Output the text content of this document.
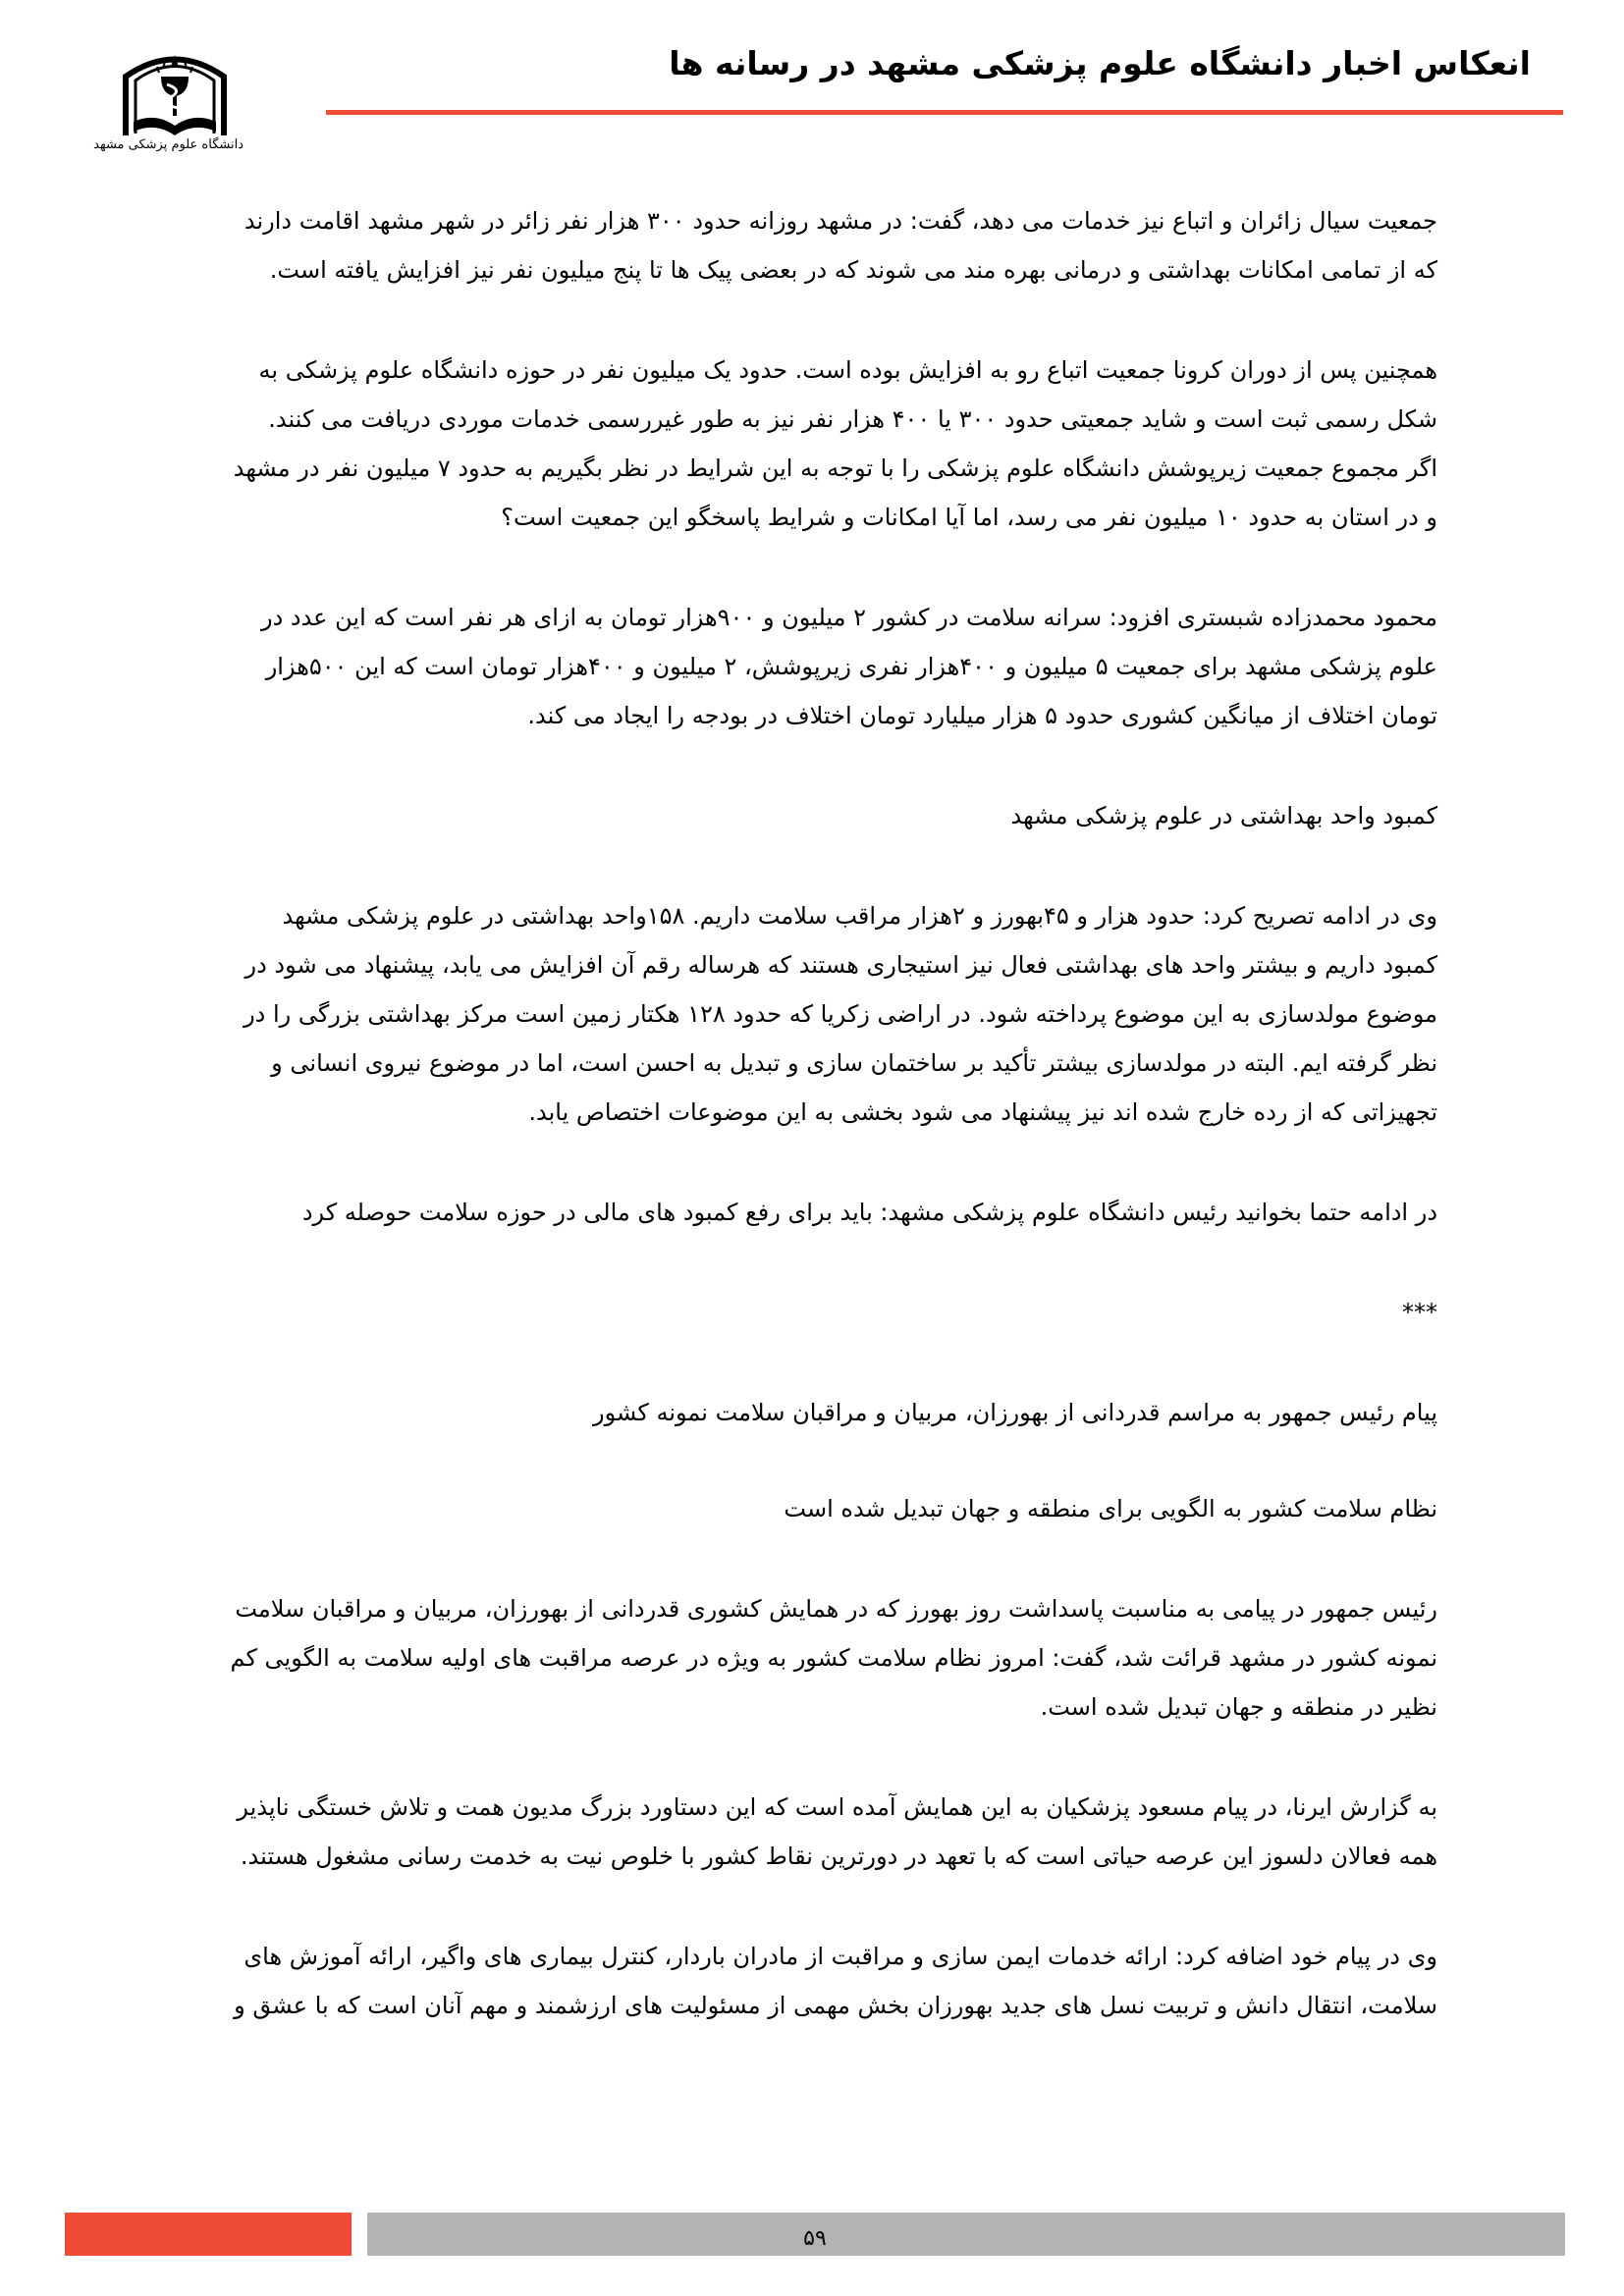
انعکاس اخبار دانشگاه علوم پزشکی مشهد در رسانه ها
دانشگاه علوم پزشکی مشهد

جمعیت سیال زائران و اتباع نیز خدمات می دهد، گفت: در مشهد روزانه حدود ۳۰۰ هزار نفر زائر در شهر مشهد اقامت دارند
که از تمامی امکانات بهداشتی و درمانی بهره مند می شوند که در بعضی پیک ها تا پنج میلیون نفر نیز افزایش یافته است.

همچنین پس از دوران کرونا جمعیت اتباع رو به افزایش بوده است. حدود یک میلیون نفر در حوزه دانشگاه علوم پزشکی به
شکل رسمی ثبت است و شاید جمعیتی حدود ۳۰۰ یا ۴۰۰ هزار نفر نیز به طور غیررسمی خدمات موردی دریافت می کنند.
اگر مجموع جمعیت زیرپوشش دانشگاه علوم پزشکی را با توجه به این شرایط در نظر بگیریم به حدود ۷ میلیون نفر در مشهد
و در استان به حدود ۱۰ میلیون نفر می رسد، اما آیا امکانات و شرایط پاسخگو این جمعیت است؟

محمود محمدزاده شبستری افزود: سرانه سلامت در کشور ۲ میلیون و ۹۰۰هزار تومان به ازای هر نفر است که این عدد در
علوم پزشکی مشهد برای جمعیت ۵ میلیون و ۴۰۰هزار نفری زیرپوشش، ۲ میلیون و ۴۰۰هزار تومان است که این ۵۰۰هزار
تومان اختلاف از میانگین کشوری حدود ۵ هزار میلیارد تومان اختلاف در بودجه را ایجاد می کند.

کمبود واحد بهداشتی در علوم پزشکی مشهد

وی در ادامه تصریح کرد: حدود هزار و ۴۵بهورز و ۲هزار مراقب سلامت داریم. ۱۵۸واحد بهداشتی در علوم پزشکی مشهد
کمبود داریم و بیشتر واحد های بهداشتی فعال نیز استیجاری هستند که هرساله رقم آن افزایش می یابد، پیشنهاد می شود در
موضوع مولدسازی به این موضوع پرداخته شود. در اراضی زکریا که حدود ۱۲۸ هکتار زمین است مرکز بهداشتی بزرگی را در
نظر گرفته ایم. البته در مولدسازی بیشتر تأکید بر ساختمان سازی و تبدیل به احسن است، اما در موضوع نیروی انسانی و
تجهیزاتی که از رده خارج شده اند نیز پیشنهاد می شود بخشی به این موضوعات اختصاص یابد.

در ادامه حتما بخوانید رئیس دانشگاه علوم پزشکی مشهد: باید برای رفع کمبود های مالی در حوزه سلامت حوصله کرد

***

پیام رئیس جمهور به مراسم قدردانی از بهورزان، مربیان و مراقبان سلامت نمونه کشور

نظام سلامت کشور به الگویی برای منطقه و جهان تبدیل شده است

رئیس جمهور در پیامی به مناسبت پاسداشت روز بهورز که در همایش کشوری قدردانی از بهورزان، مربیان و مراقبان سلامت
نمونه کشور در مشهد قرائت شد، گفت: امروز نظام سلامت کشور به ویژه در عرصه مراقبت های اولیه سلامت به الگویی کم
نظیر در منطقه و جهان تبدیل شده است.

به گزارش ایرنا، در پیام مسعود پزشکیان به این همایش آمده است که این دستاورد بزرگ مدیون همت و تلاش خستگی ناپذیر
همه فعالان دلسوز این عرصه حیاتی است که با تعهد در دورترین نقاط کشور با خلوص نیت به خدمت رسانی مشغول هستند.

وی در پیام خود اضافه کرد: ارائه خدمات ایمن سازی و مراقبت از مادران باردار، کنترل بیماری های واگیر، ارائه آموزش های
سلامت، انتقال دانش و تربیت نسل های جدید بهورزان بخش مهمی از مسئولیت های ارزشمند و مهم آنان است که با عشق و

۵۹
